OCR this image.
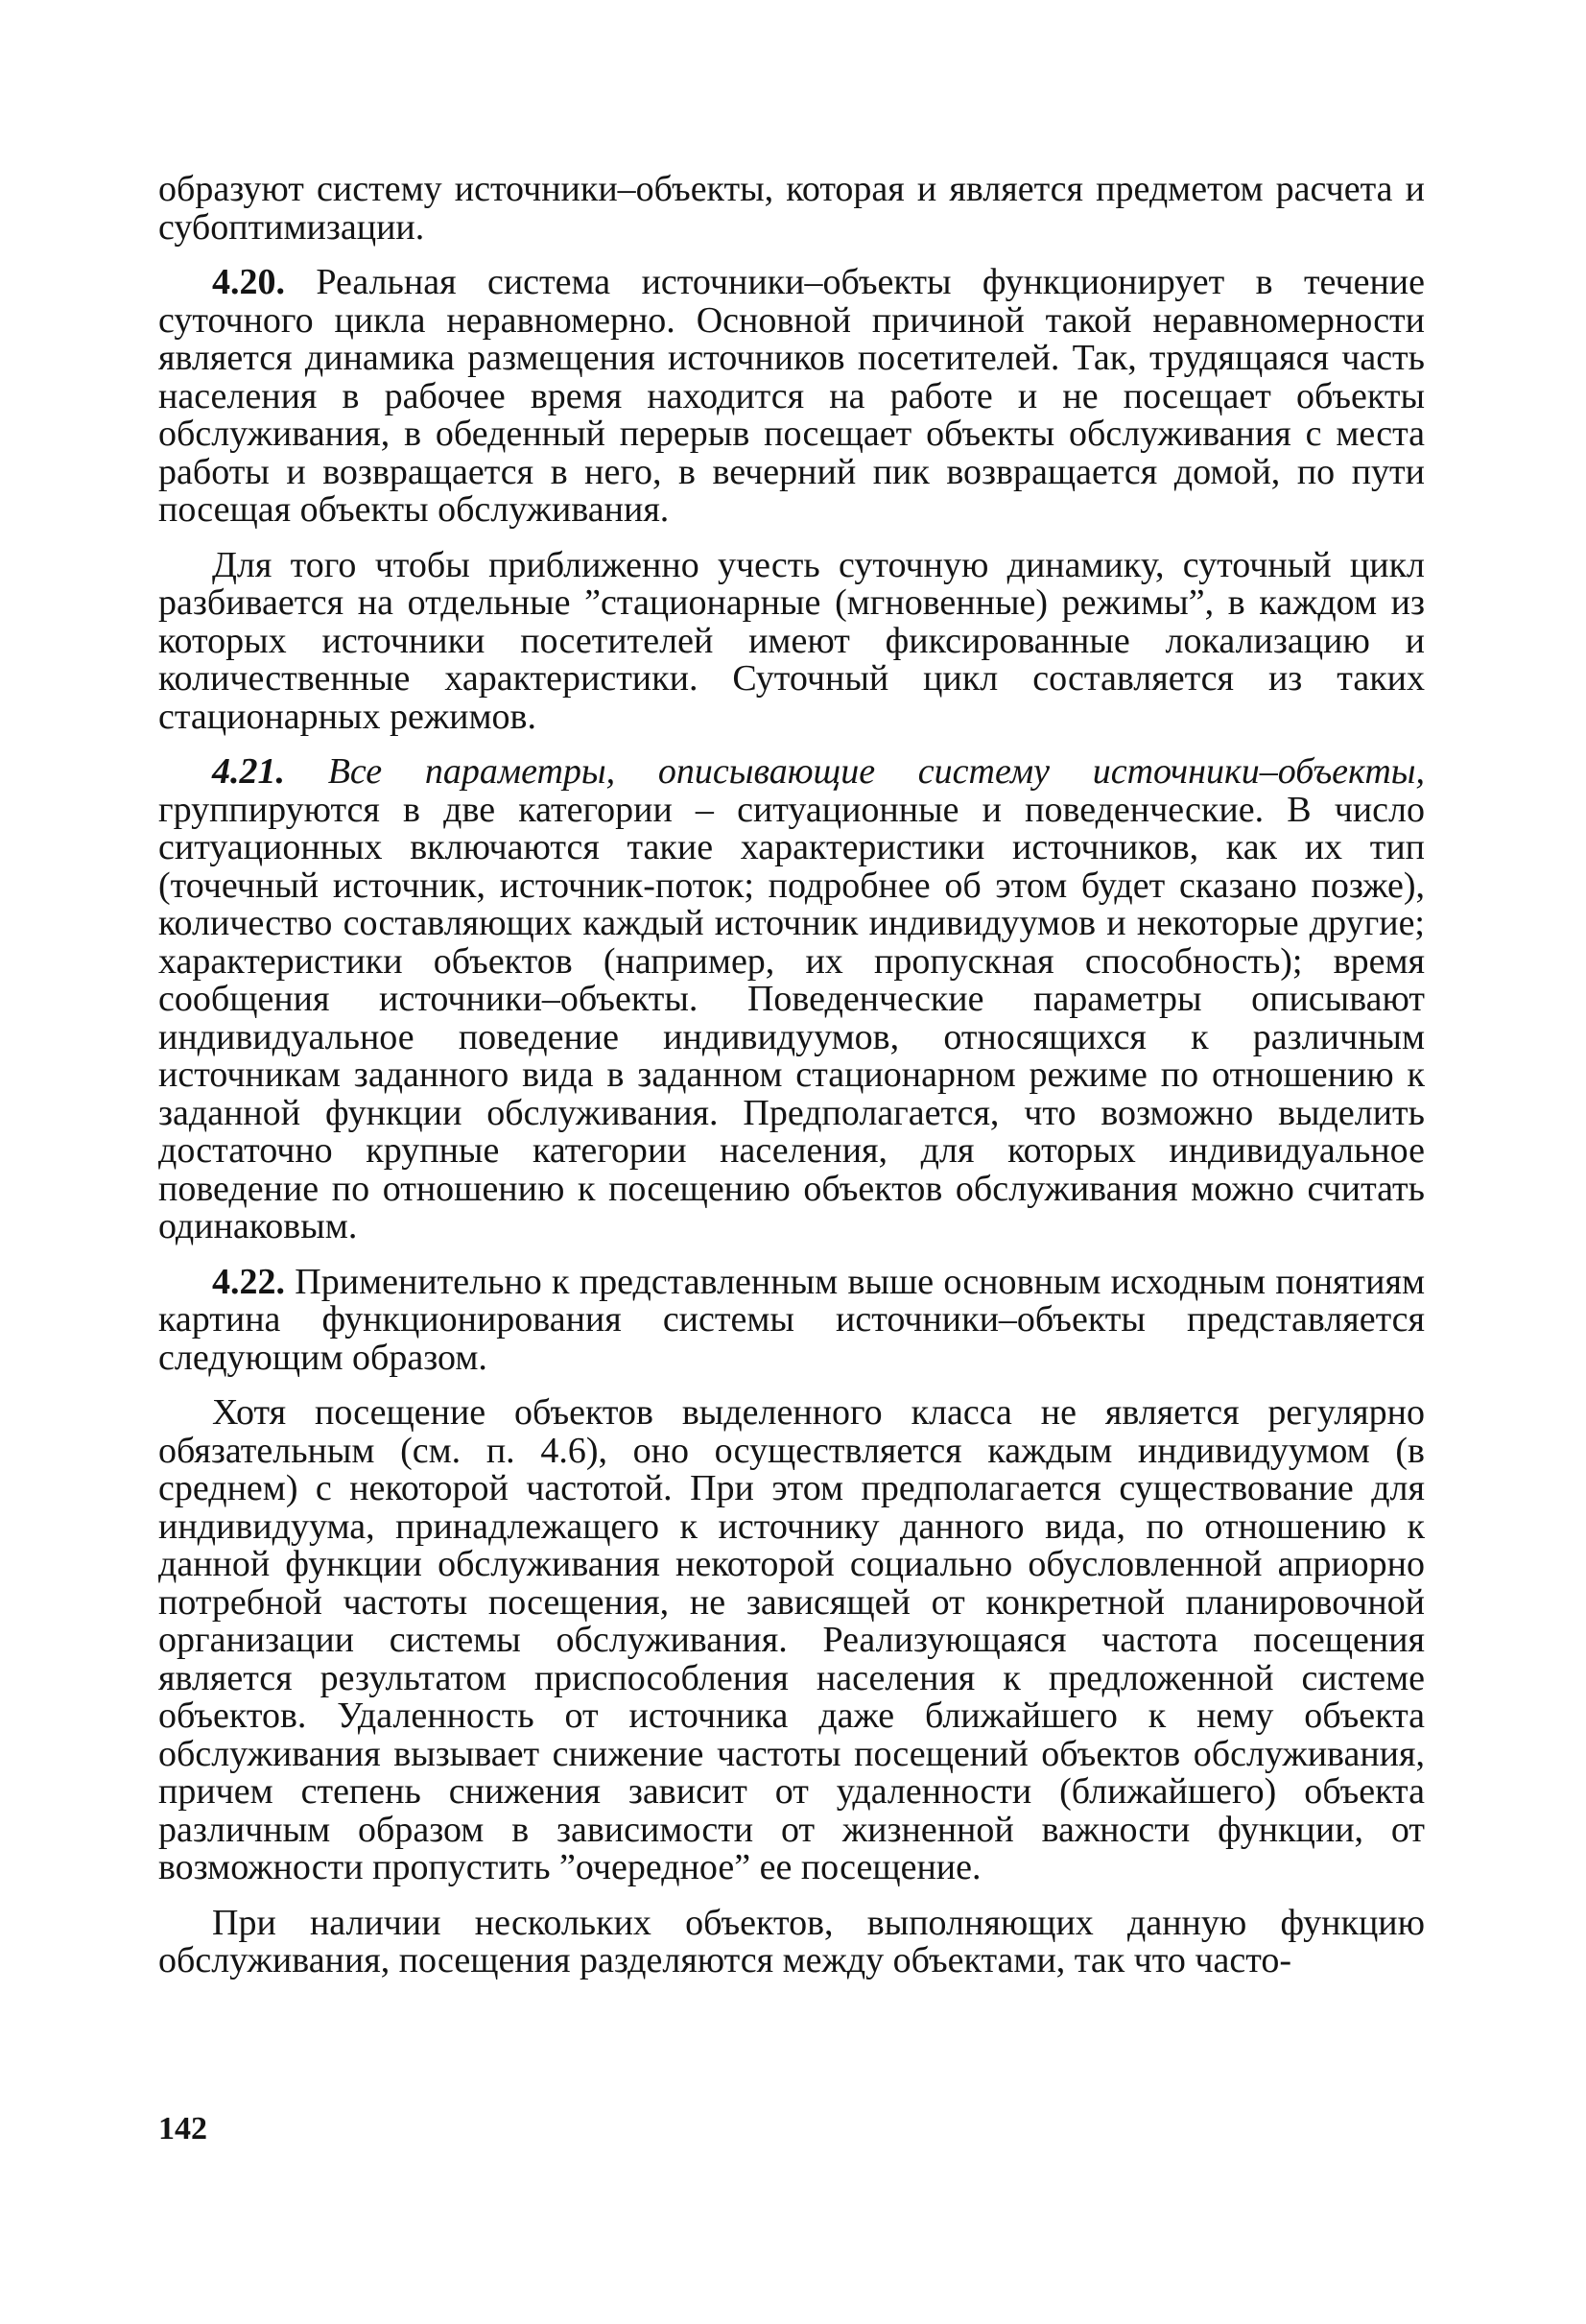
образуют систему источники–объекты, которая и является предметом расчета и субоптимизации.

4.20. Реальная система источники–объекты функционирует в течение суточного цикла неравномерно. Основной причиной такой неравномерности является динамика размещения источников посетителей. Так, трудящаяся часть населения в рабочее время находится на работе и не посещает объекты обслуживания, в обеденный перерыв посещает объекты обслуживания с места работы и возвращается в него, в вечерний пик возвращается домой, по пути посещая объекты обслуживания.

Для того чтобы приближенно учесть суточную динамику, суточный цикл разбивается на отдельные ”стационарные (мгновенные) режимы”, в каждом из которых источники посетителей имеют фиксированные локализацию и количественные характеристики. Суточный цикл составляется из таких стационарных режимов.

4.21. Все параметры, описывающие систему источники–объекты, группируются в две категории – ситуационные и поведенческие. В число ситуационных включаются такие характеристики источников, как их тип (точечный источник, источник-поток; подробнее об этом будет сказано позже), количество составляющих каждый источник индивидуумов и некоторые другие; характеристики объектов (например, их пропускная способность); время сообщения источники–объекты. Поведенческие параметры описывают индивидуальное поведение индивидуумов, относящихся к различным источникам заданного вида в заданном стационарном режиме по отношению к заданной функции обслуживания. Предполагается, что возможно выделить достаточно крупные категории населения, для которых индивидуальное поведение по отношению к посещению объектов обслуживания можно считать одинаковым.

4.22. Применительно к представленным выше основным исходным понятиям картина функционирования системы источники–объекты представляется следующим образом.

Хотя посещение объектов выделенного класса не является регулярно обязательным (см. п. 4.6), оно осуществляется каждым индивидуумом (в среднем) с некоторой частотой. При этом предполагается существование для индивидуума, принадлежащего к источнику данного вида, по отношению к данной функции обслуживания некоторой социально обусловленной априорно потребной частоты посещения, не зависящей от конкретной планировочной организации системы обслуживания. Реализующаяся частота посещения является результатом приспособления населения к предложенной системе объектов. Удаленность от источника даже ближайшего к нему объекта обслуживания вызывает снижение частоты посещений объектов обслуживания, причем степень снижения зависит от удаленности (ближайшего) объекта различным образом в зависимости от жизненной важности функции, от возможности пропустить ”очередное” ее посещение.

При наличии нескольких объектов, выполняющих данную функцию обслуживания, посещения разделяются между объектами, так что часто-

142
